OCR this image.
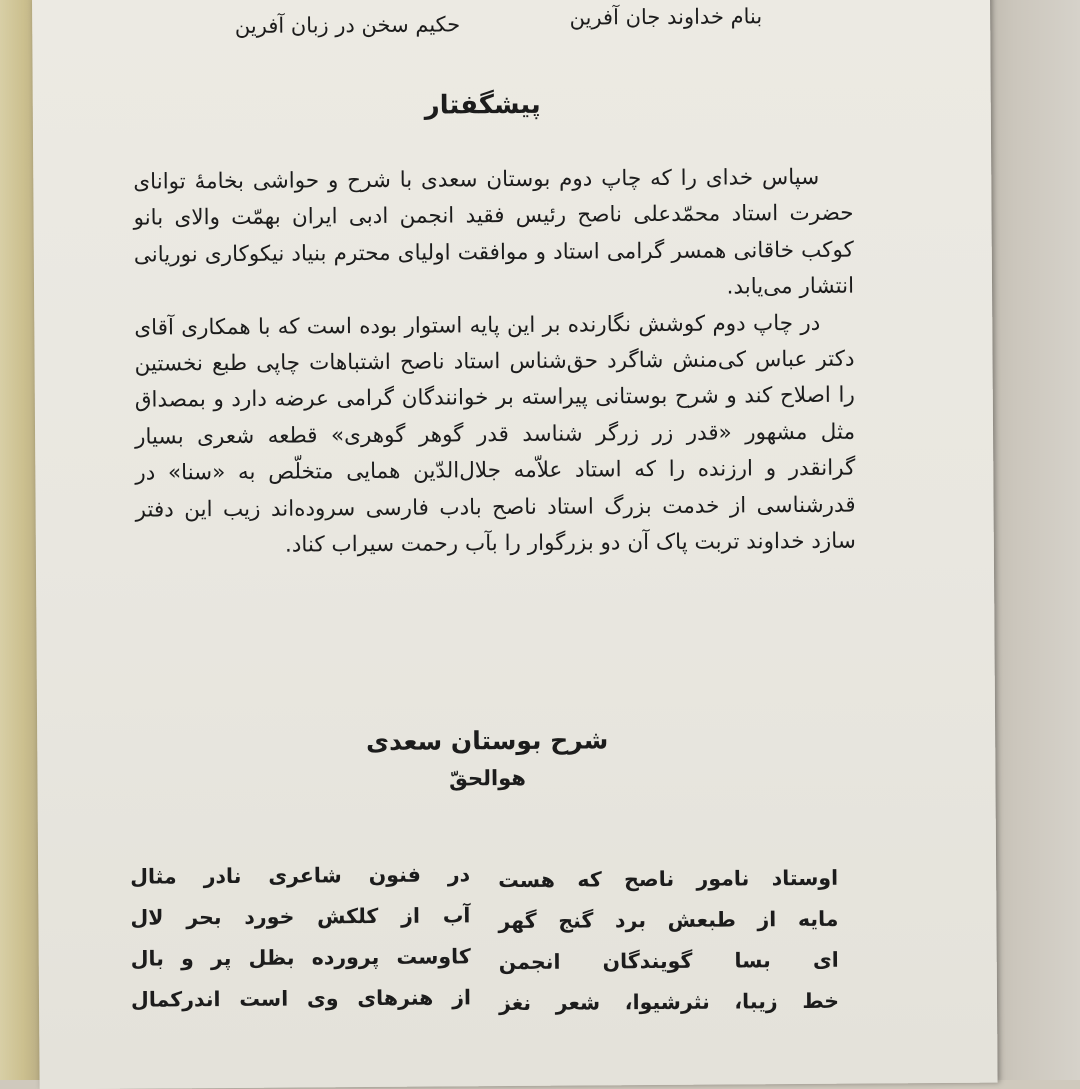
بنام خداوند جان آفرین
حکیم سخن در زبان آفرین
پیشگفتار

سپاس خدای را که چاپ دوم بوستان سعدی با شرح و حواشی بخامهٔ توانای حضرت استاد محمّدعلی ناصح رئیس فقید انجمن ادبی ایران بهمّت والای بانو کوکب خاقانی همسر گرامی استاد و موافقت اولیای محترم بنیاد نیکوکاری نوریانی انتشار می‌یابد.

در چاپ دوم کوشش نگارنده بر این پایه استوار بوده است که با همکاری آقای دکتر عباس کی‌منش شاگرد حق‌شناس استاد ناصح اشتباهات چاپی طبع نخستین را اصلاح کند و شرح بوستانی پیراسته بر خوانندگان گرامی عرضه دارد و بمصداق مثل مشهور «قدر زر زرگر شناسد قدر گوهر گوهری» قطعه شعری بسیار گرانقدر و ارزنده را که استاد علاّمه جلال‌الدّین همایی متخلّص به «سنا» در قدرشناسی از خدمت بزرگ استاد ناصح بادب فارسی سروده‌اند زیب این دفتر سازد خداوند تربت پاک آن دو بزرگوار را بآب رحمت سیراب کناد.

شرح بوستان سعدی
هوالحقّ
اوستاد نامور ناصح که هست
مایه از طبعش برد گنج گهر
ای بسا گویندگان انجمن
خط زیبا، نثرشیوا، شعر نغز
در فنون شاعری نادر مثال
آب از کلکش خورد بحر لال
کاوست پرورده بظل پر و بال
از هنرهای وی است اندرکمال
